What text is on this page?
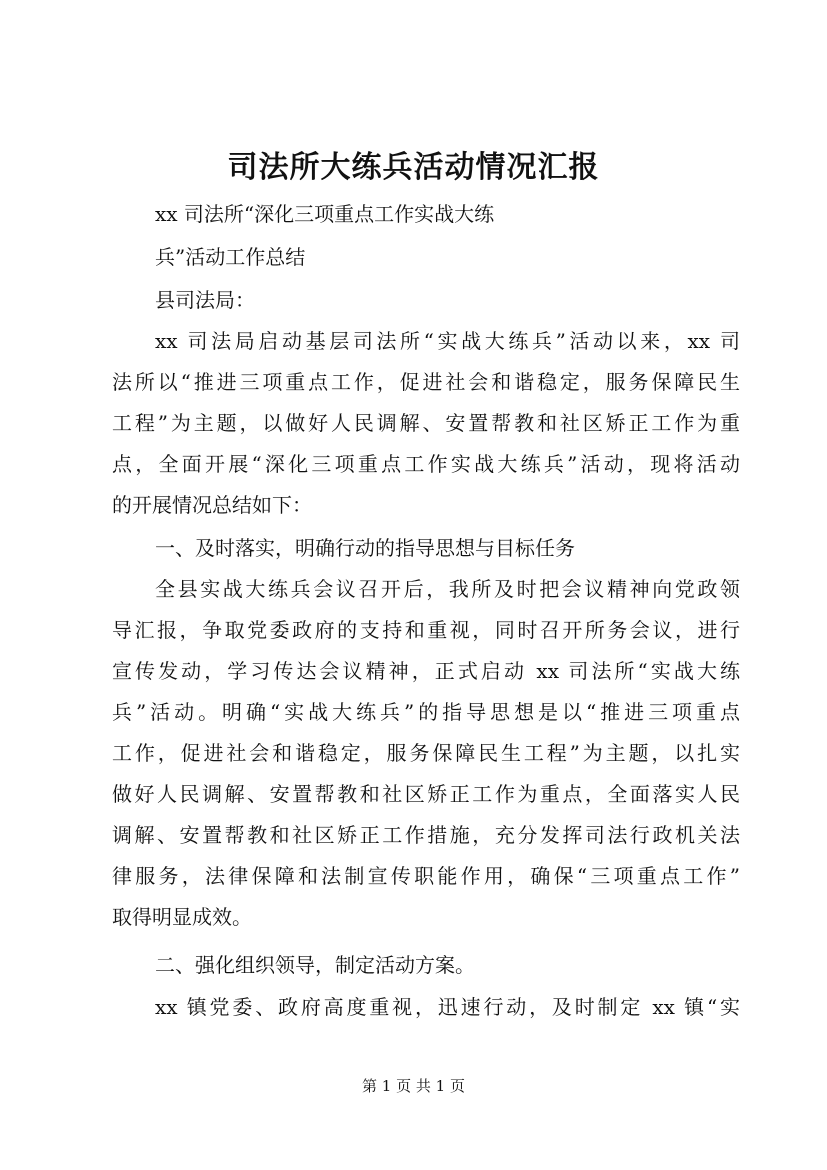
司法所大练兵活动情况汇报
xx 司法所“深化三项重点工作实战大练
兵”活动工作总结
县司法局：
xx 司法局启动基层司法所“实战大练兵”活动以来，xx 司
法所以“推进三项重点工作，促进社会和谐稳定，服务保障民生
工程”为主题，以做好人民调解、安置帮教和社区矫正工作为重
点，全面开展“深化三项重点工作实战大练兵”活动，现将活动
的开展情况总结如下：
一、及时落实，明确行动的指导思想与目标任务
全县实战大练兵会议召开后，我所及时把会议精神向党政领
导汇报，争取党委政府的支持和重视，同时召开所务会议，进行
宣传发动，学习传达会议精神，正式启动 xx 司法所“实战大练
兵”活动。明确“实战大练兵”的指导思想是以“推进三项重点
工作，促进社会和谐稳定，服务保障民生工程”为主题，以扎实
做好人民调解、安置帮教和社区矫正工作为重点，全面落实人民
调解、安置帮教和社区矫正工作措施，充分发挥司法行政机关法
律服务，法律保障和法制宣传职能作用，确保“三项重点工作”
取得明显成效。
二、强化组织领导，制定活动方案。
xx 镇党委、政府高度重视，迅速行动，及时制定 xx 镇“实
第 1 页 共 1 页
